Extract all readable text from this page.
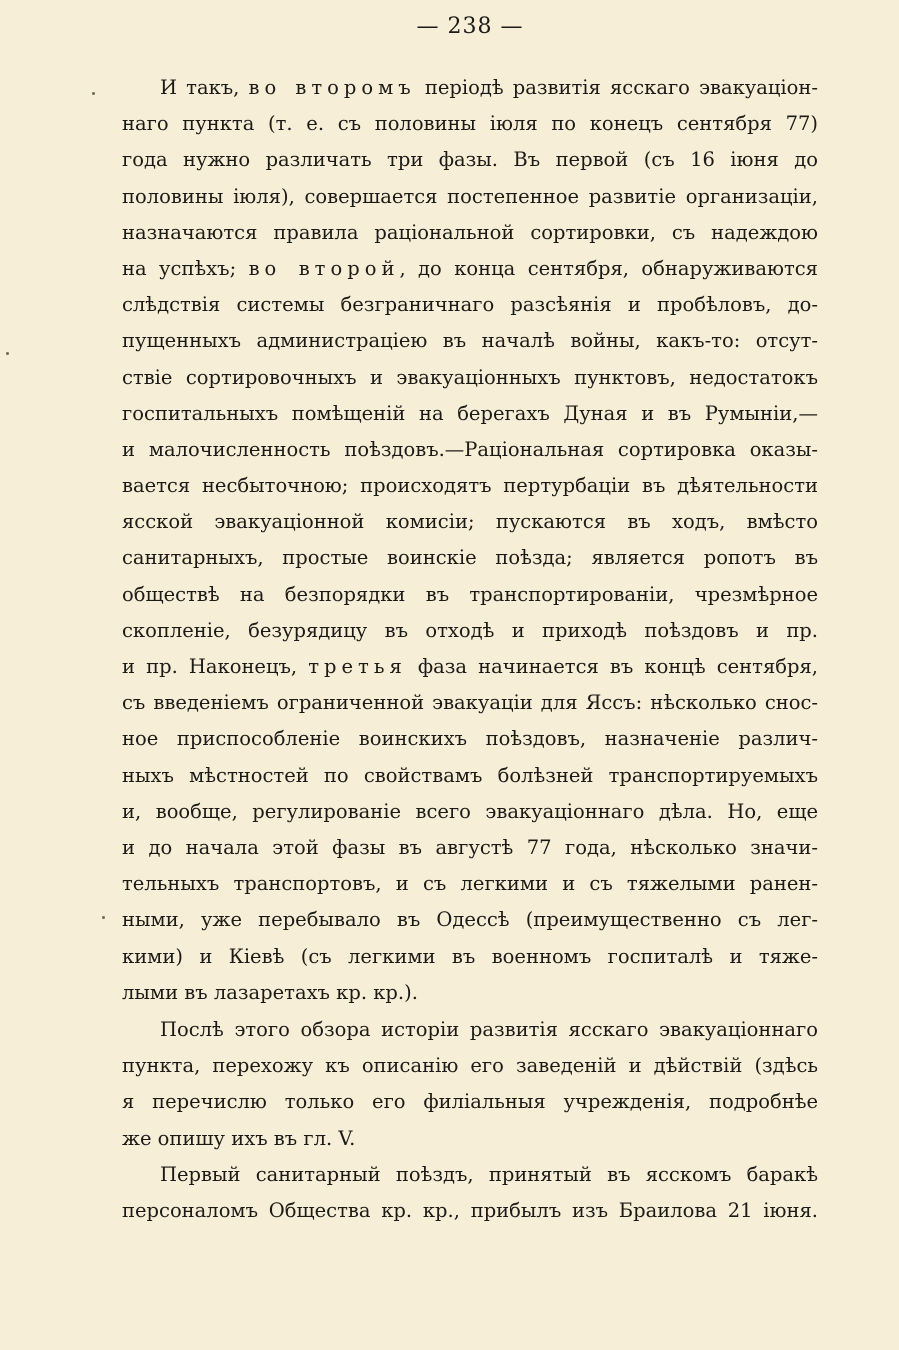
— 238 —
И такъ, во второмъ періодѣ развитія ясскаго эвакуаціон-
наго пункта (т. е. съ половины іюля по конецъ сентября 77)
года нужно различать три фазы. Въ первой (съ 16 іюня до
половины іюля), совершается постепенное развитіе организаціи,
назначаются правила раціональной сортировки, съ надеждою
на успѣхъ; во второй, до конца сентября, обнаруживаются
слѣдствія системы безграничнаго разсѣянія и пробѣловъ, до-
пущенныхъ администраціею въ началѣ войны, какъ-то: отсут-
ствіе сортировочныхъ и эвакуаціонныхъ пунктовъ, недостатокъ
госпитальныхъ помѣщеній на берегахъ Дуная и въ Румыніи,—
и малочисленность поѣздовъ.—Раціональная сортировка оказы-
вается несбыточною; происходятъ пертурбаціи въ дѣятельности
ясской эвакуаціонной комисіи; пускаются въ ходъ, вмѣсто
санитарныхъ, простые воинскіе поѣзда; является ропотъ въ
обществѣ на безпорядки въ транспортированіи, чрезмѣрное
скопленіе, безурядицу въ отходѣ и приходѣ поѣздовъ и пр.
и пр. Наконецъ, третья фаза начинается въ концѣ сентября,
съ введеніемъ ограниченной эвакуаціи для Яссъ: нѣсколько снос-
ное приспособленіе воинскихъ поѣздовъ, назначеніе различ-
ныхъ мѣстностей по свойствамъ болѣзней транспортируемыхъ
и, вообще, регулированіе всего эвакуаціоннаго дѣла. Но, еще
и до начала этой фазы въ августѣ 77 года, нѣсколько значи-
тельныхъ транспортовъ, и съ легкими и съ тяжелыми ранен-
ными, уже перебывало въ Одессѣ (преимущественно съ лег-
кими) и Кіевѣ (съ легкими въ военномъ госпиталѣ и тяже-
лыми въ лазаретахъ кр. кр.).
Послѣ этого обзора исторіи развитія ясскаго эвакуаціоннаго
пункта, перехожу къ описанію его заведеній и дѣйствій (здѣсь
я перечислю только его филіальныя учрежденія, подробнѣе
же опишу ихъ въ гл. V.
Первый санитарный поѣздъ, принятый въ ясскомъ баракѣ
персоналомъ Общества кр. кр., прибылъ изъ Браилова 21 іюня.
